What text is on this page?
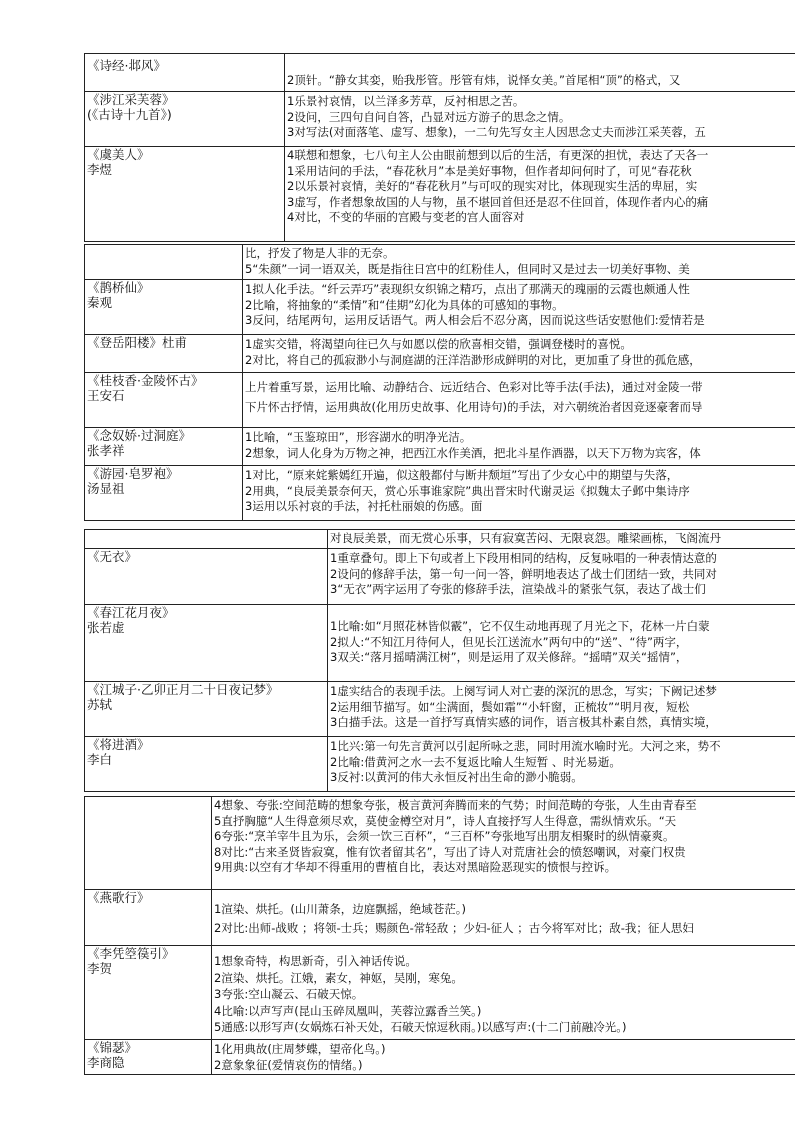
《诗经·邶风》	2顶针。“静女其娈，贻我彤管。彤管有炜，说怿女美。”首尾相“顶”的格式，又

《涉江采芙蓉》
(《古诗十九首》)	1乐景衬哀情，以兰泽多芳草，反衬相思之苦。
2设问，三四句自问自答，凸显对远方游子的思念之情。
3对写法(对面落笔、虚写、想象)，一二句先写女主人因思念丈夫而涉江采芙蓉，五

《虞美人》
李煜	4联想和想象，七八句主人公由眼前想到以后的生活，有更深的担忧，表达了天各一
1采用诘问的手法，“春花秋月”本是美好事物，但作者却问何时了，可见“春花秋
2以乐景衬哀情，美好的“春花秋月”与可叹的现实对比，体现现实生活的卑屈，实
3虚写，作者想象故国的人与物，虽不堪回首但还是忍不住回首，体现作者内心的痛
4对比，不变的华丽的宫殿与变老的宫人面容对

	比，抒发了物是人非的无奈。
5“朱颜”一词一语双关，既是指往日宫中的红粉佳人，但同时又是过去一切美好事物、美

《鹊桥仙》
秦观	1拟人化手法。“纤云弄巧”表现织女织锦之精巧，点出了那满天的瑰丽的云霞也颇通人性
2比喻，将抽象的“柔情”和“佳期”幻化为具体的可感知的事物。
3反问，结尾两句，运用反话语气。两人相会后不忍分离，因而说这些话安慰他们:爱情若是

《登岳阳楼》杜甫	1虚实交错，将渴望向往已久与如愿以偿的欣喜相交错，强调登楼时的喜悦。
2对比，将自己的孤寂渺小与洞庭湖的汪洋浩渺形成鲜明的对比，更加重了身世的孤危感，

《桂枝香·金陵怀古》
王安石	上片着重写景，运用比喻、动静结合、远近结合、色彩对比等手法(手法)，通过对金陵一带
下片怀古抒情，运用典故(化用历史故事、化用诗句)的手法，对六朝统治者因竞逐豪奢而导

《念奴娇·过洞庭》
张孝祥	1比喻，“玉鉴琼田”，形容湖水的明净光洁。
2想象，词人化身为万物之神，把西江水作美酒，把北斗星作酒器，以天下万物为宾客，体

《游园·皂罗袍》
汤显祖	1对比，“原来姹紫嫣红开遍，似这般都付与断井颓垣”写出了少女心中的期望与失落，
2用典，“良辰美景奈何天，赏心乐事谁家院”典出晋宋时代谢灵运《拟魏太子邺中集诗序
3运用以乐衬哀的手法，衬托杜丽娘的伤感。面

	对良辰美景，而无赏心乐事，只有寂寞苦闷、无限哀怨。雕梁画栋，飞阁流丹

《无衣》	1重章叠句。即上下句或者上下段用相同的结构，反复咏唱的一种表情达意的
2设问的修辞手法，第一句一问一答，鲜明地表达了战士们团结一致，共同对
3“无衣”两字运用了夸张的修辞手法，渲染战斗的紧张气氛，表达了战士们

《春江花月夜》
张若虚	1比喻:如“月照花林皆似霰”，它不仅生动地再现了月光之下，花林一片白蒙
2拟人:“不知江月待何人，但见长江送流水”两句中的“送”、“待”两字，
3双关:“落月摇晴满江树”，则是运用了双关修辞。“摇晴”双关“摇情”，

《江城子·乙卯正月二十日夜记梦》
苏轼	1虚实结合的表现手法。上阕写词人对亡妻的深沉的思念，写实；下阙记述梦
2运用细节描写。如“尘满面，鬓如霜”“小轩窗，正梳妆”“明月夜，短松
3白描手法。这是一首抒写真情实感的词作，语言极其朴素自然，真情实境，

《将进酒》
李白	1比兴:第一句先言黄河以引起所咏之悲，同时用流水喻时光。大河之来，势不
2比喻:借黄河之水一去不复返比喻人生短暂 、时光易逝。
3反衬:以黄河的伟大永恒反衬出生命的渺小脆弱。

	4想象、夸张:空间范畴的想象夸张，极言黄河奔腾而来的气势；时间范畴的夸张，人生由青春至
5直抒胸臆“人生得意须尽欢，莫使金樽空对月”，诗人直接抒写人生得意，需纵情欢乐。“天
6夸张:“烹羊宰牛且为乐，会须一饮三百杯”，“三百杯”夸张地写出朋友相聚时的纵情豪爽。
8对比:“古来圣贤皆寂寞，惟有饮者留其名”，写出了诗人对荒唐社会的愤怒嘲讽，对豪门权贵
9用典:以空有才华却不得重用的曹植自比，表达对黑暗险恶现实的愤恨与控诉。

《燕歌行》	1渲染、烘托。(山川萧条，边庭飘摇，绝域苍茫。)
2对比:出师-战败 ；将领-士兵；赐颜色-常轻敌 ；少妇-征人 ；古今将军对比；敌-我；征人思妇

《李凭箜篌引》
李贺	1想象奇特，构思新奇，引入神话传说。
2渲染、烘托。江娥，素女，神妪，吴刚，寒兔。
3夸张:空山凝云、石破天惊。
4比喻:以声写声(昆山玉碎凤凰叫，芙蓉泣露香兰笑。)
5通感:以形写声(女娲炼石补天处，石破天惊逗秋雨。)以感写声:(十二门前融冷光。)

《锦瑟》
李商隐	1化用典故(庄周梦蝶，望帝化鸟。)
2意象象征(爱情哀伤的情绪。)
